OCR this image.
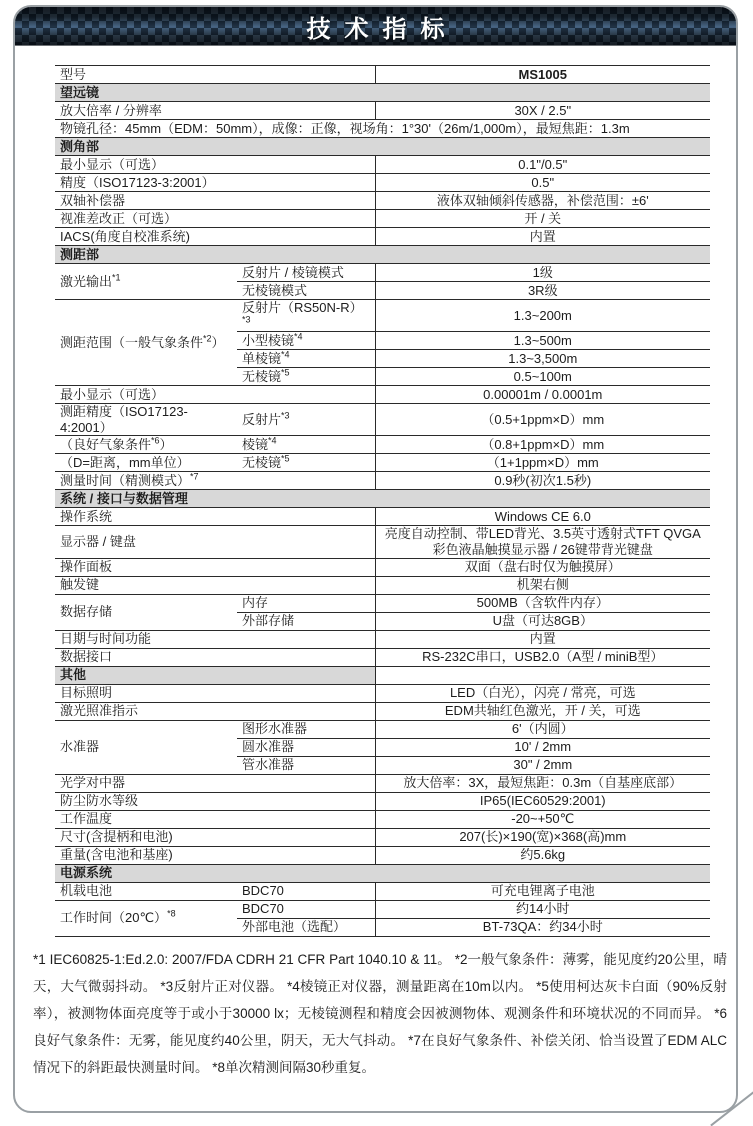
技术指标
型号		MS1005
望远镜		
放大倍率 / 分辨率		30X / 2.5"
物镜孔径：45mm（EDM：50mm），成像：正像，视场角：1°30'（26m/1,000m），最短焦距：1.3m		
测角部		
最小显示（可选）		0.1"/0.5"
精度（ISO17123-3:2001）		0.5"
双轴补偿器		液体双轴倾斜传感器，补偿范围：±6'
视准差改正（可选）		开 / 关
IACS(角度自校准系统)		内置
测距部		
激光输出$^{*1}$	反射片 / 棱镜模式	1级
	无棱镜模式	3R级
测距范围（一般气象条件$^{*2}$）	反射片$(RS50N-R)^{*3}$	1.3~200m
	小型棱镜$^{*4}$	1.3~500m
	单棱镜$^{*4}$	1.3~3,500m
	无棱镜$^{*5}$	0.5~100m
最小显示（可选）		0.00001m / 0.0001m
测距精度（ISO17123-4:2001）	反射片$^{*3}$	（0.5+1ppm×D）mm
（良好气象条件$^{*6}$）	棱镜$^{*4}$	（0.8+1ppm×D）mm
（D=距离，mm单位）	无棱镜$^{*5}$	（1+1ppm×D）mm
测量时间（精测模式）$^{*7}$		0.9秒(初次1.5秒)
系统 / 接口与数据管理		
操作系统		Windows CE 6.0
显示器 / 键盘		亮度自动控制、带LED背光、3.5英寸透射式TFT QVGA彩色液晶触摸显示器 / 26键带背光键盘
操作面板		双面（盘右时仅为触摸屏）
触发键		机架右侧
数据存储	内存	500MB（含软件内存）
	外部存储	U盘（可达8GB）
日期与时间功能		内置
数据接口		RS-232C串口，USB2.0（A型 / miniB型）
其他		
目标照明		LED（白光），闪亮 / 常亮，可选
激光照准指示		EDM共轴红色激光，开 / 关，可选
水准器	图形水准器	6'（内圆）
	圆水准器	10' / 2mm
	管水准器	30" / 2mm
光学对中器		放大倍率：3X，最短焦距：0.3m（自基座底部）
防尘防水等级		IP65(IEC60529:2001)
工作温度		-20~+50℃
尺寸(含提柄和电池)		207(长)×190(宽)×368(高)mm
重量(含电池和基座)		约5.6kg
电源系统		
机载电池	BDC70	可充电锂离子电池
工作时间（20℃）$^{*8}$	BDC70	约14小时
	外部电池（选配）	BT-73QA：约34小时

*1 IEC60825-1:Ed.2.0: 2007/FDA CDRH 21 CFR Part 1040.10 & 11。 *2一般气象条件：薄雾，能见度约20公里，晴天，大气微弱抖动。 *3反射片正对仪器。 *4棱镜正对仪器，测量距离在10m以内。 *5使用柯达灰卡白面（90%反射率），被测物体面亮度等于或小于30000 lx；无棱镜测程和精度会因被测物体、观测条件和环境状况的不同而异。 *6良好气象条件：无雾，能见度约40公里，阴天，无大气抖动。 *7在良好气象条件、补偿关闭、恰当设置了EDM ALC情况下的斜距最快测量时间。 *8单次精测间隔30秒重复。
